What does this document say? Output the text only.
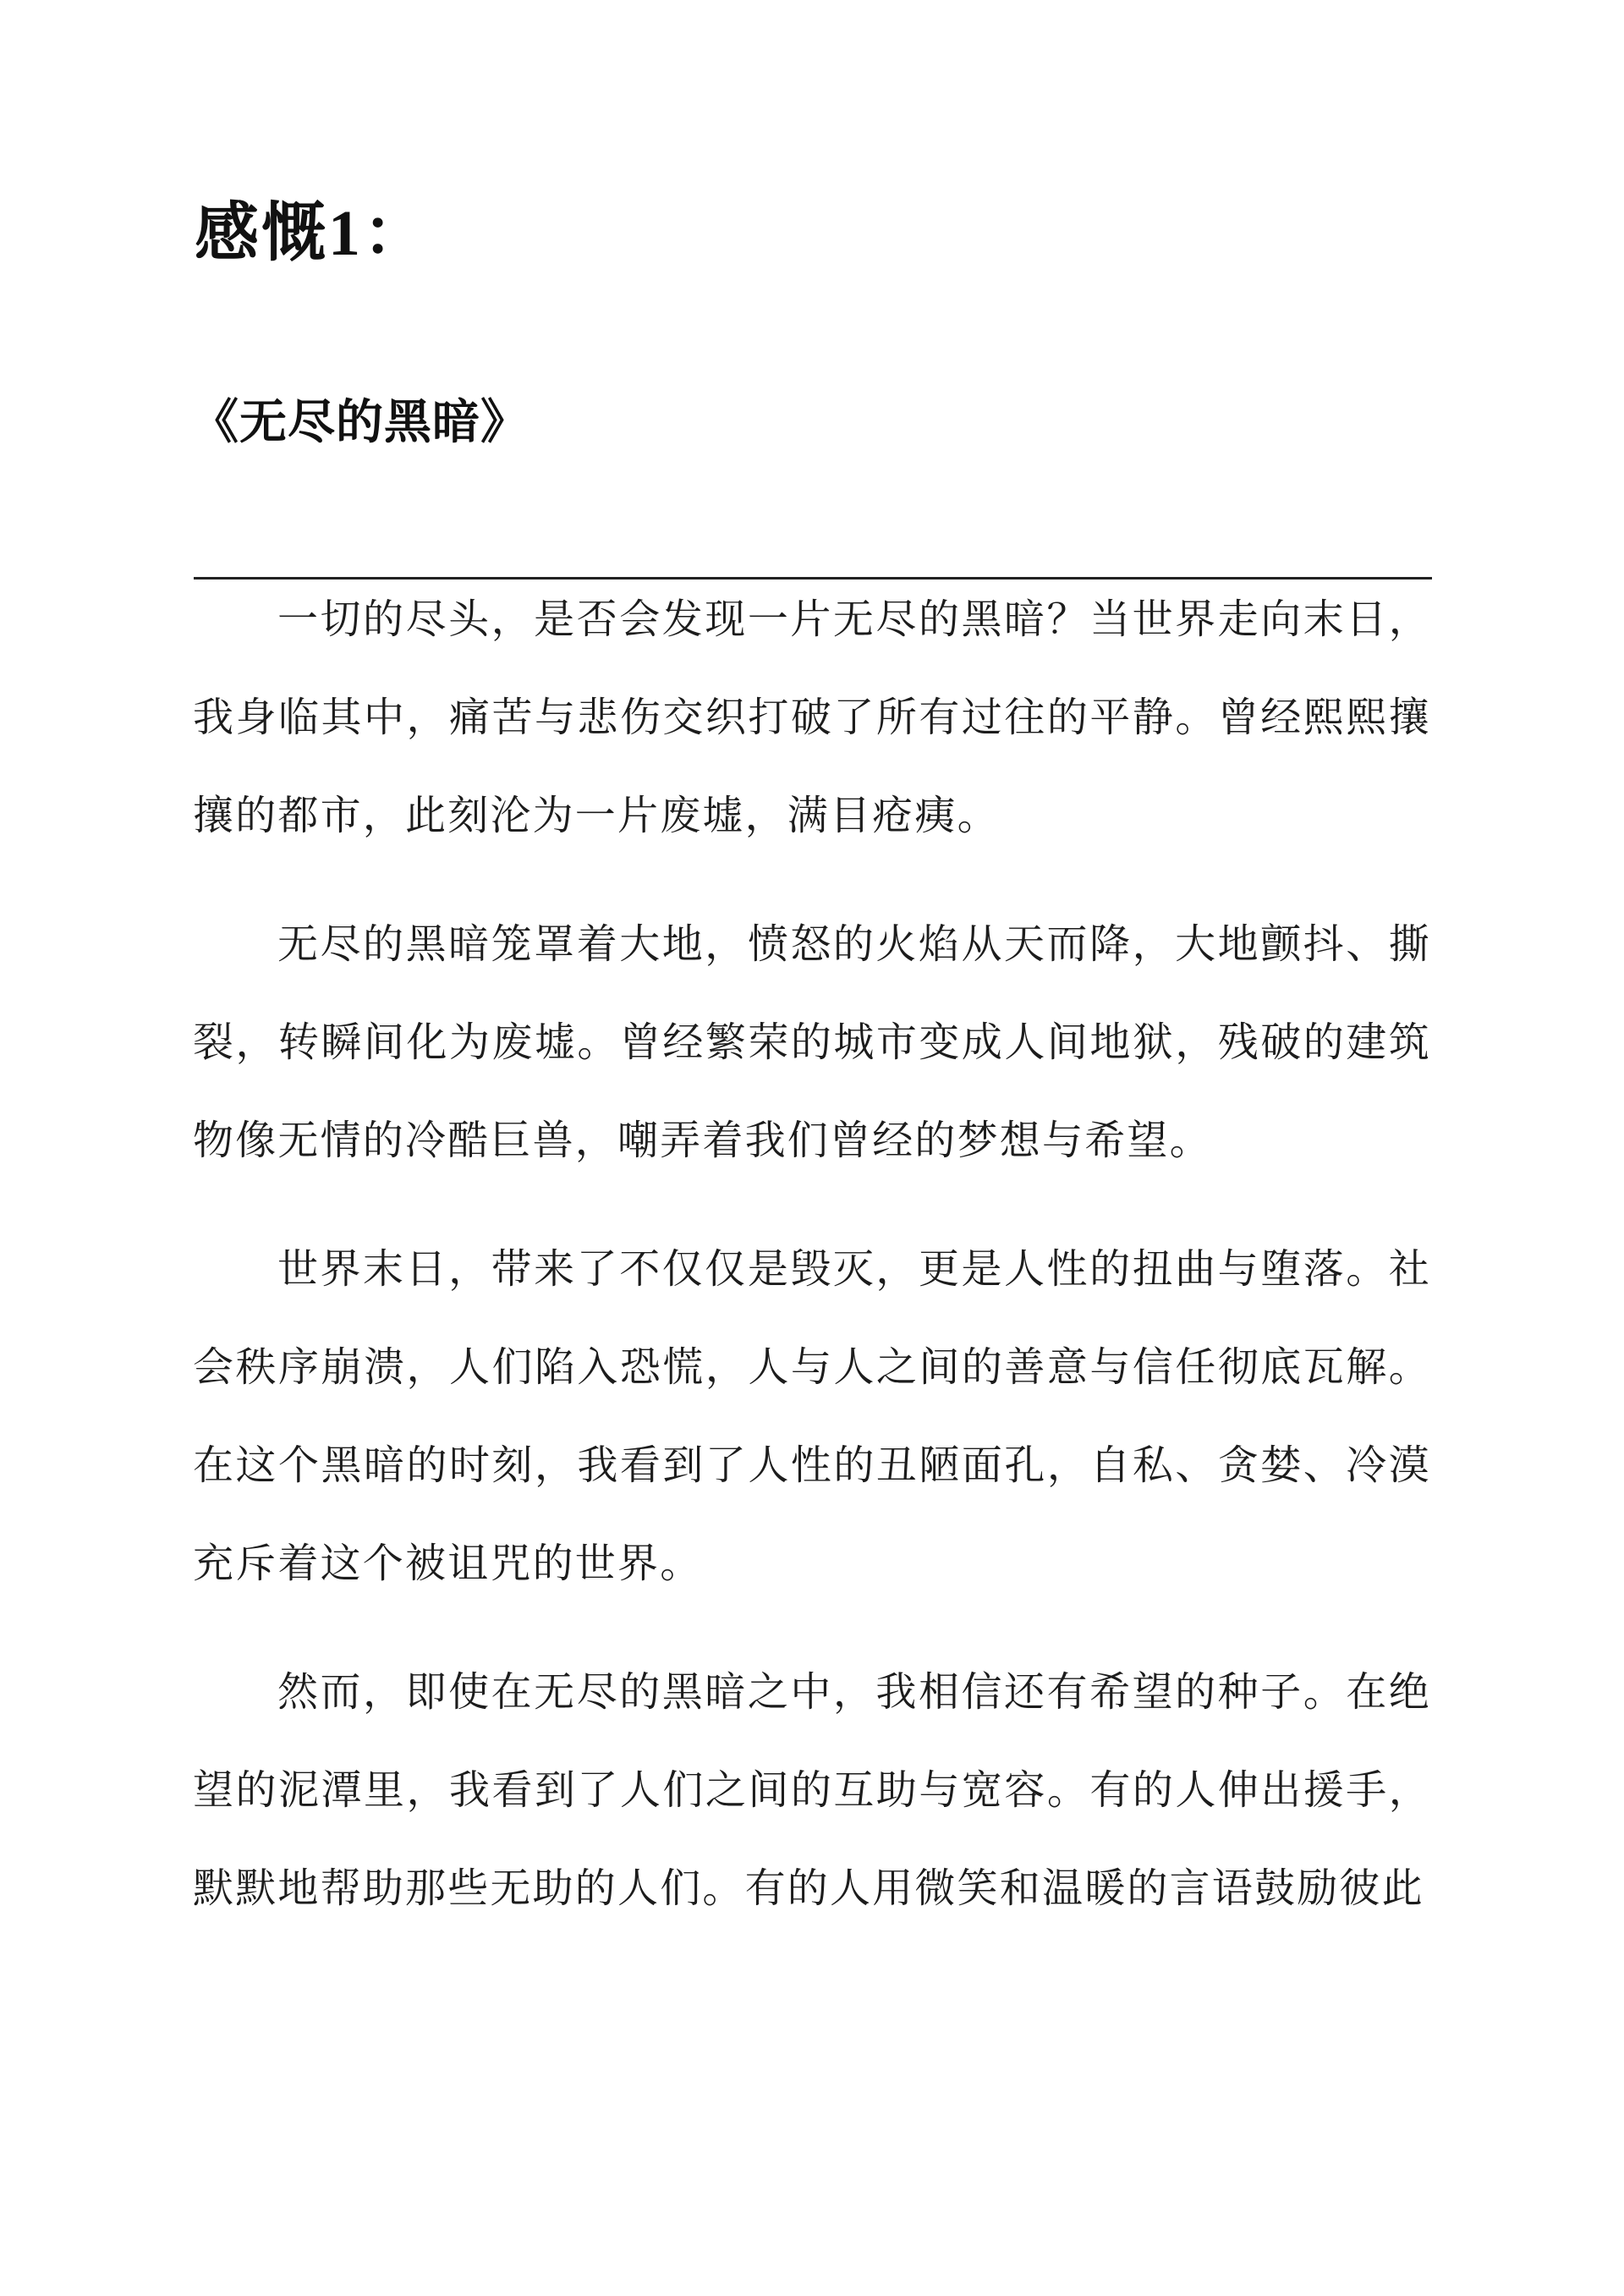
感慨1：
《无尽的黑暗》

一切的尽头，是否会发现一片无尽的黑暗？当世界走向末日，我身临其中，痛苦与悲伤交织打破了所有过往的平静。曾经熙熙攘攘的都市，此刻沦为一片废墟，满目疮痍。

无尽的黑暗笼罩着大地，愤怒的火焰从天而降，大地颤抖、撕裂，转瞬间化为废墟。曾经繁荣的城市变成人间地狱，残破的建筑物像无情的冷酷巨兽，嘲弄着我们曾经的梦想与希望。

世界末日，带来了不仅仅是毁灭，更是人性的扭曲与堕落。社会秩序崩溃，人们陷入恐慌，人与人之间的善意与信任彻底瓦解。在这个黑暗的时刻，我看到了人性的丑陋面孔，自私、贪婪、冷漠充斥着这个被诅咒的世界。

然而，即使在无尽的黑暗之中，我相信还有希望的种子。在绝望的泥潭里，我看到了人们之间的互助与宽容。有的人伸出援手，默默地帮助那些无助的人们。有的人用微笑和温暖的言语鼓励彼此
